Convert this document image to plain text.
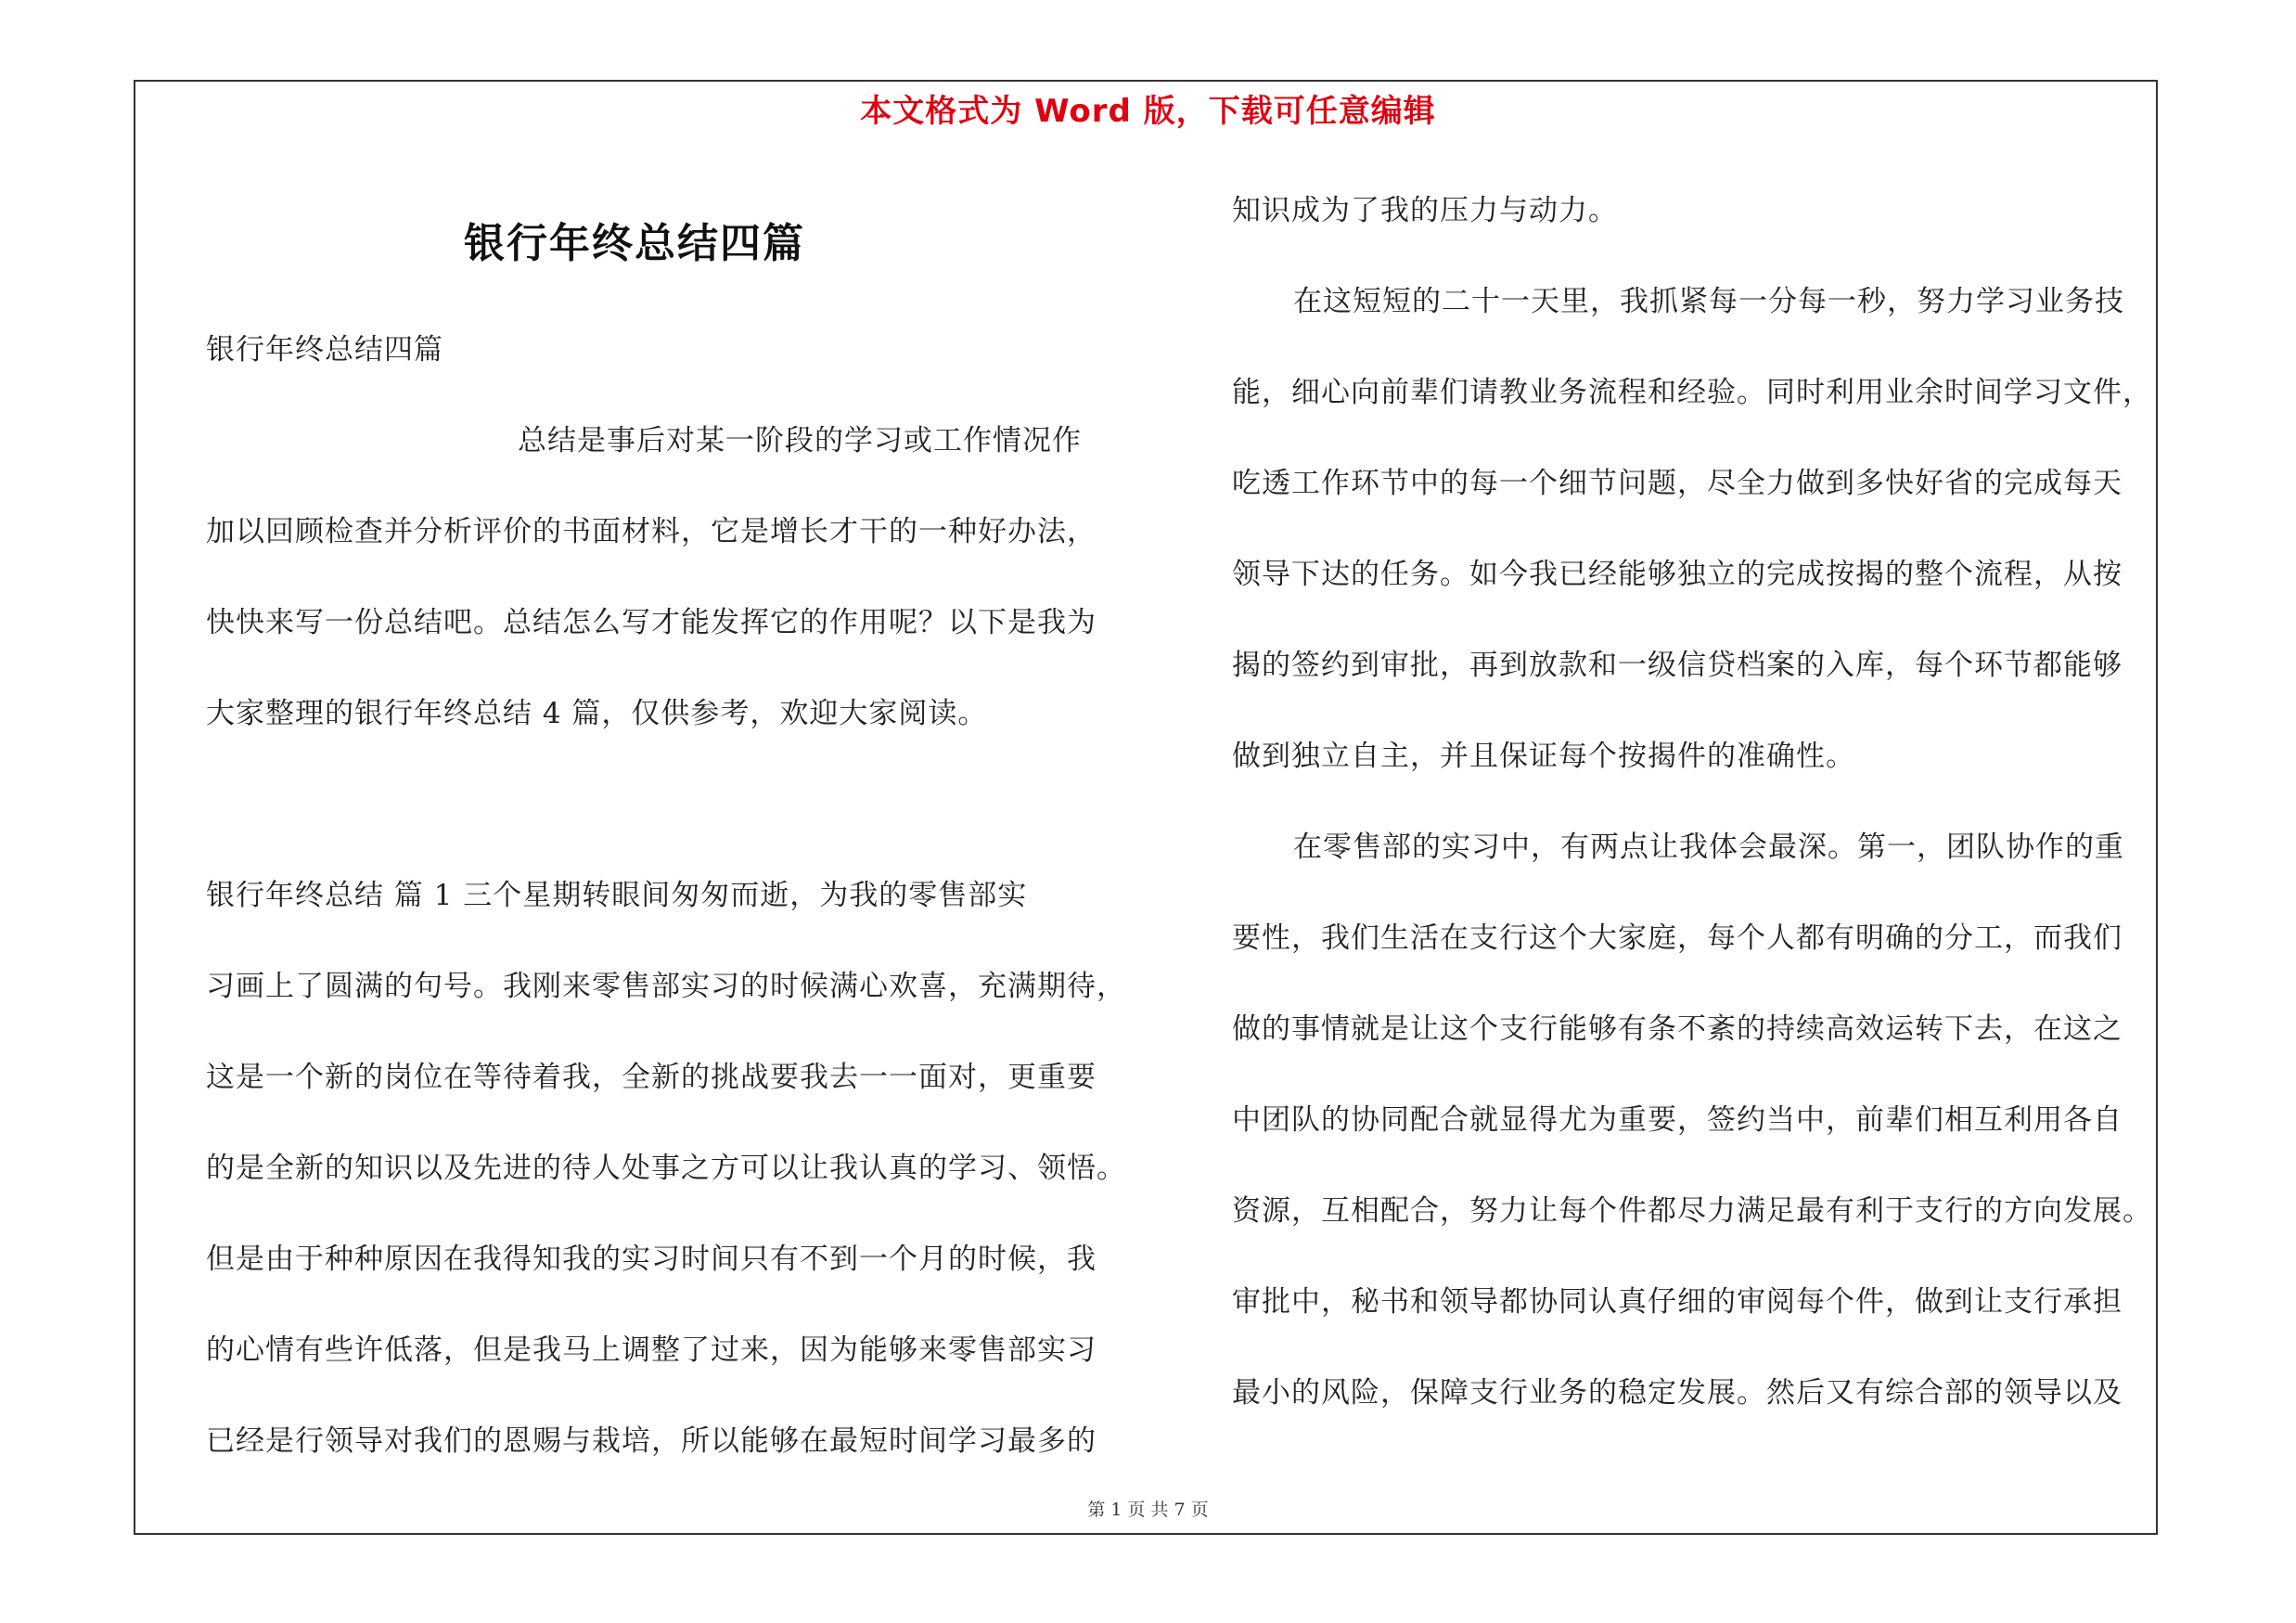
本文格式为 Word 版，下载可任意编辑
银行年终总结四篇
银行年终总结四篇
总结是事后对某一阶段的学习或工作情况作
加以回顾检查并分析评价的书面材料，它是增长才干的一种好办法，
快快来写一份总结吧。总结怎么写才能发挥它的作用呢？以下是我为
大家整理的银行年终总结 4 篇，仅供参考，欢迎大家阅读。
银行年终总结 篇 1 三个星期转眼间匆匆而逝，为我的零售部实
习画上了圆满的句号。我刚来零售部实习的时候满心欢喜，充满期待，
这是一个新的岗位在等待着我，全新的挑战要我去一一面对，更重要
的是全新的知识以及先进的待人处事之方可以让我认真的学习、领悟。
但是由于种种原因在我得知我的实习时间只有不到一个月的时候，我
的心情有些许低落，但是我马上调整了过来，因为能够来零售部实习
已经是行领导对我们的恩赐与栽培，所以能够在最短时间学习最多的
知识成为了我的压力与动力。
在这短短的二十一天里，我抓紧每一分每一秒，努力学习业务技
能，细心向前辈们请教业务流程和经验。同时利用业余时间学习文件，
吃透工作环节中的每一个细节问题，尽全力做到多快好省的完成每天
领导下达的任务。如今我已经能够独立的完成按揭的整个流程，从按
揭的签约到审批，再到放款和一级信贷档案的入库，每个环节都能够
做到独立自主，并且保证每个按揭件的准确性。
在零售部的实习中，有两点让我体会最深。第一，团队协作的重
要性，我们生活在支行这个大家庭，每个人都有明确的分工，而我们
做的事情就是让这个支行能够有条不紊的持续高效运转下去，在这之
中团队的协同配合就显得尤为重要，签约当中，前辈们相互利用各自
资源，互相配合，努力让每个件都尽力满足最有利于支行的方向发展。
审批中，秘书和领导都协同认真仔细的审阅每个件，做到让支行承担
最小的风险，保障支行业务的稳定发展。然后又有综合部的领导以及
第 1 页 共 7 页
